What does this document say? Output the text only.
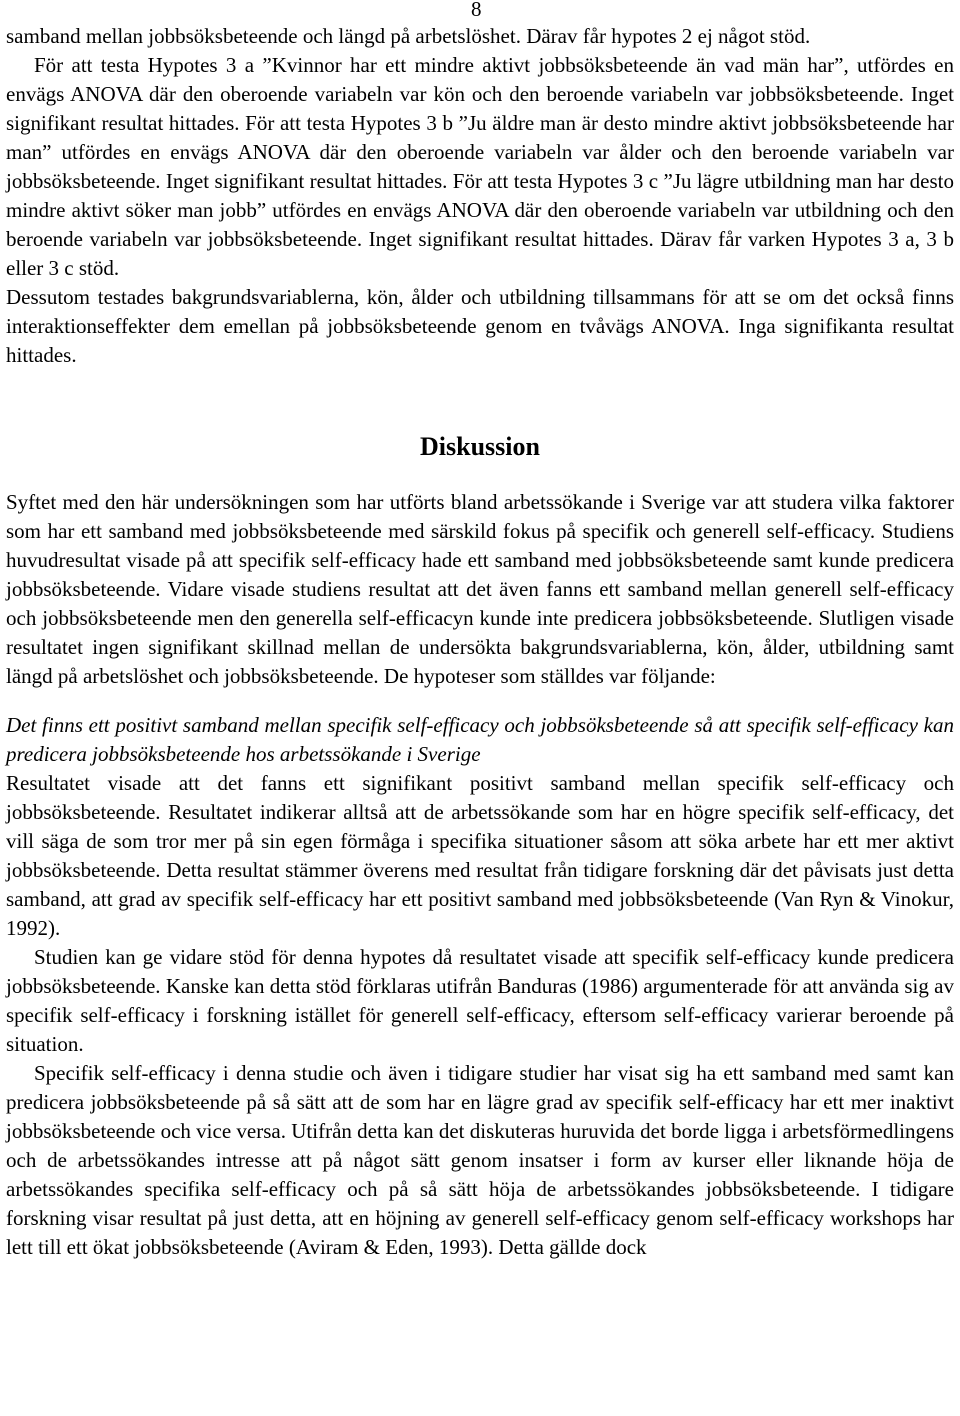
8

samband mellan jobbsöksbeteende och längd på arbetslöshet. Därav får hypotes 2 ej något stöd.

För att testa Hypotes 3 a ”Kvinnor har ett mindre aktivt jobbsöksbeteende än vad män har”, utfördes en envägs ANOVA där den oberoende variabeln var kön och den beroende variabeln var jobbsöksbeteende. Inget signifikant resultat hittades. För att testa Hypotes 3 b ”Ju äldre man är desto mindre aktivt jobbsöksbeteende har man” utfördes en envägs ANOVA där den oberoende variabeln var ålder och den beroende variabeln var jobbsöksbeteende. Inget signifikant resultat hittades. För att testa Hypotes 3 c ”Ju lägre utbildning man har desto mindre aktivt söker man jobb” utfördes en envägs ANOVA där den oberoende variabeln var utbildning och den beroende variabeln var jobbsöksbeteende. Inget signifikant resultat hittades. Därav får varken Hypotes 3 a, 3 b eller 3 c stöd.

Dessutom testades bakgrundsvariablerna, kön, ålder och utbildning tillsammans för att se om det också finns interaktionseffekter dem emellan på jobbsöksbeteende genom en tvåvägs ANOVA. Inga signifikanta resultat hittades.

Diskussion

Syftet med den här undersökningen som har utförts bland arbetssökande i Sverige var att studera vilka faktorer som har ett samband med jobbsöksbeteende med särskild fokus på specifik och generell self-efficacy. Studiens huvudresultat visade på att specifik self-efficacy hade ett samband med jobbsöksbeteende samt kunde predicera jobbsöksbeteende. Vidare visade studiens resultat att det även fanns ett samband mellan generell self-efficacy och jobbsöksbeteende men den generella self-efficacyn kunde inte predicera jobbsöksbeteende. Slutligen visade resultatet ingen signifikant skillnad mellan de undersökta bakgrundsvariablerna, kön, ålder, utbildning samt längd på arbetslöshet och jobbsöksbeteende. De hypoteser som ställdes var följande:

Det finns ett positivt samband mellan specifik self-efficacy och jobbsöksbeteende så att specifik self-efficacy kan predicera jobbsöksbeteende hos arbetssökande i Sverige

Resultatet visade att det fanns ett signifikant positivt samband mellan specifik self-efficacy och jobbsöksbeteende. Resultatet indikerar alltså att de arbetssökande som har en högre specifik self-efficacy, det vill säga de som tror mer på sin egen förmåga i specifika situationer såsom att söka arbete har ett mer aktivt jobbsöksbeteende. Detta resultat stämmer överens med resultat från tidigare forskning där det påvisats just detta samband, att grad av specifik self-efficacy har ett positivt samband med jobbsöksbeteende (Van Ryn & Vinokur, 1992).

Studien kan ge vidare stöd för denna hypotes då resultatet visade att specifik self-efficacy kunde predicera jobbsöksbeteende. Kanske kan detta stöd förklaras utifrån Banduras (1986) argumenterade för att använda sig av specifik self-efficacy i forskning istället för generell self-efficacy, eftersom self-efficacy varierar beroende på situation.

Specifik self-efficacy i denna studie och även i tidigare studier har visat sig ha ett samband med samt kan predicera jobbsöksbeteende på så sätt att de som har en lägre grad av specifik self-efficacy har ett mer inaktivt jobbsöksbeteende och vice versa. Utifrån detta kan det diskuteras huruvida det borde ligga i arbetsförmedlingens och de arbetssökandes intresse att på något sätt genom insatser i form av kurser eller liknande höja de arbetssökandes specifika self-efficacy och på så sätt höja de arbetssökandes jobbsöksbeteende. I tidigare forskning visar resultat på just detta, att en höjning av generell self-efficacy genom self-efficacy workshops har lett till ett ökat jobbsöksbeteende (Aviram & Eden, 1993). Detta gällde dock
